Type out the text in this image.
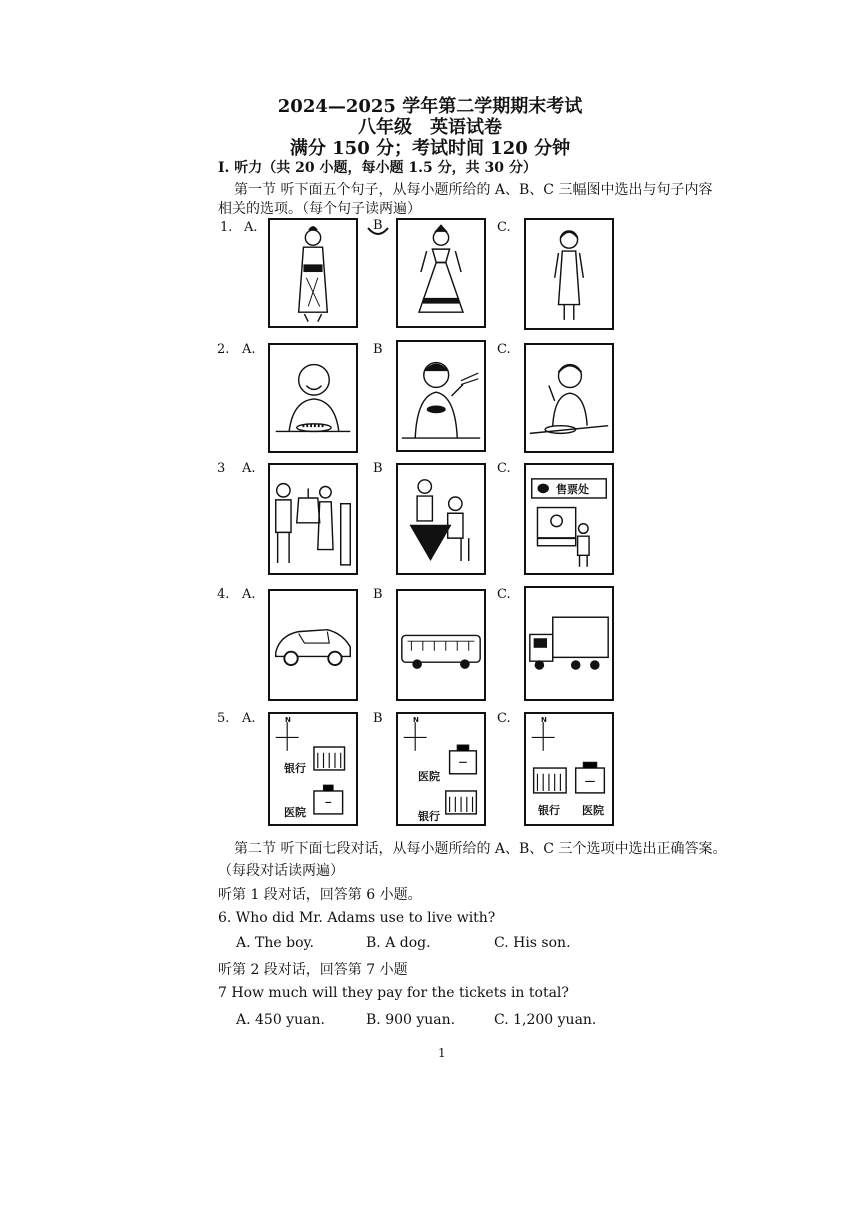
2024—2025 学年第二学期期末考试
八年级　英语试卷
满分 150 分；考试时间 120 分钟
I. 听力（共 20 小题，每小题 1.5 分，共 30 分）
第一节 听下面五个句子，从每小题所给的 A、B、C 三幅图中选出与句子内容
相关的选项。（每个句子读两遍）
1. A.	B	C.
2. A.	B	C.
3 A.	B	C.
售票处
4. A.	B	C.
5. A.	B	C.
N
银行
医院
N
医院
银行
N
银行 医院
第二节 听下面七段对话，从每小题所给的 A、B、C 三个选项中选出正确答案。
（每段对话读两遍）
听第 1 段对话，回答第 6 小题。
6. Who did Mr. Adams use to live with?
A. The boy.	B. A dog.	C. His son.
听第 2 段对话，回答第 7 小题
7 How much will they pay for the tickets in total?
A. 450 yuan.	B. 900 yuan.	C. 1,200 yuan.
1
